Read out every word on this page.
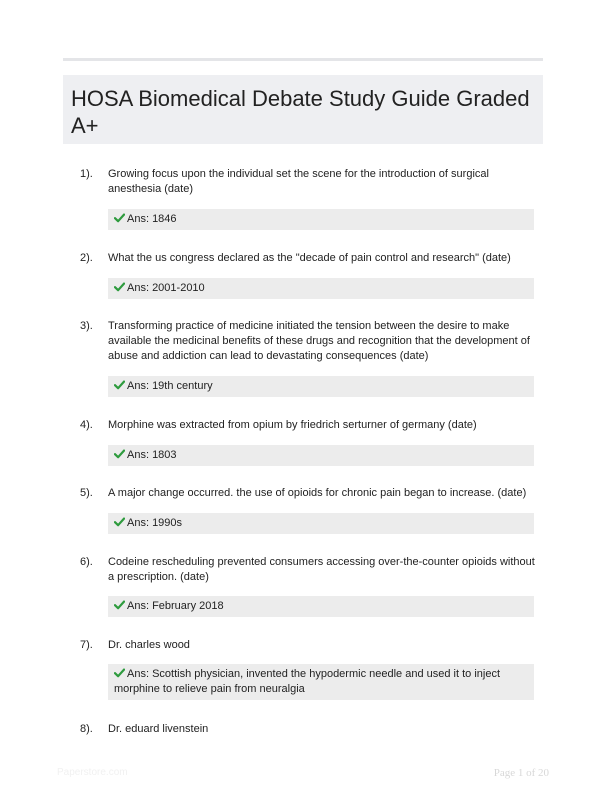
HOSA Biomedical Debate Study Guide Graded A+
1). Growing focus upon the individual set the scene for the introduction of surgical anesthesia (date)
Ans: 1846
2). What the us congress declared as the "decade of pain control and research" (date)
Ans: 2001-2010
3). Transforming practice of medicine initiated the tension between the desire to make available the medicinal benefits of these drugs and recognition that the development of abuse and addiction can lead to devastating consequences (date)
Ans: 19th century
4). Morphine was extracted from opium by friedrich serturner of germany (date)
Ans: 1803
5). A major change occurred. the use of opioids for chronic pain began to increase. (date)
Ans: 1990s
6). Codeine rescheduling prevented consumers accessing over-the-counter opioids without a prescription. (date)
Ans: February 2018
7). Dr. charles wood
Ans: Scottish physician, invented the hypodermic needle and used it to inject morphine to relieve pain from neuralgia
8). Dr. eduard livenstein
Paperstore.com	Page 1 of 20
